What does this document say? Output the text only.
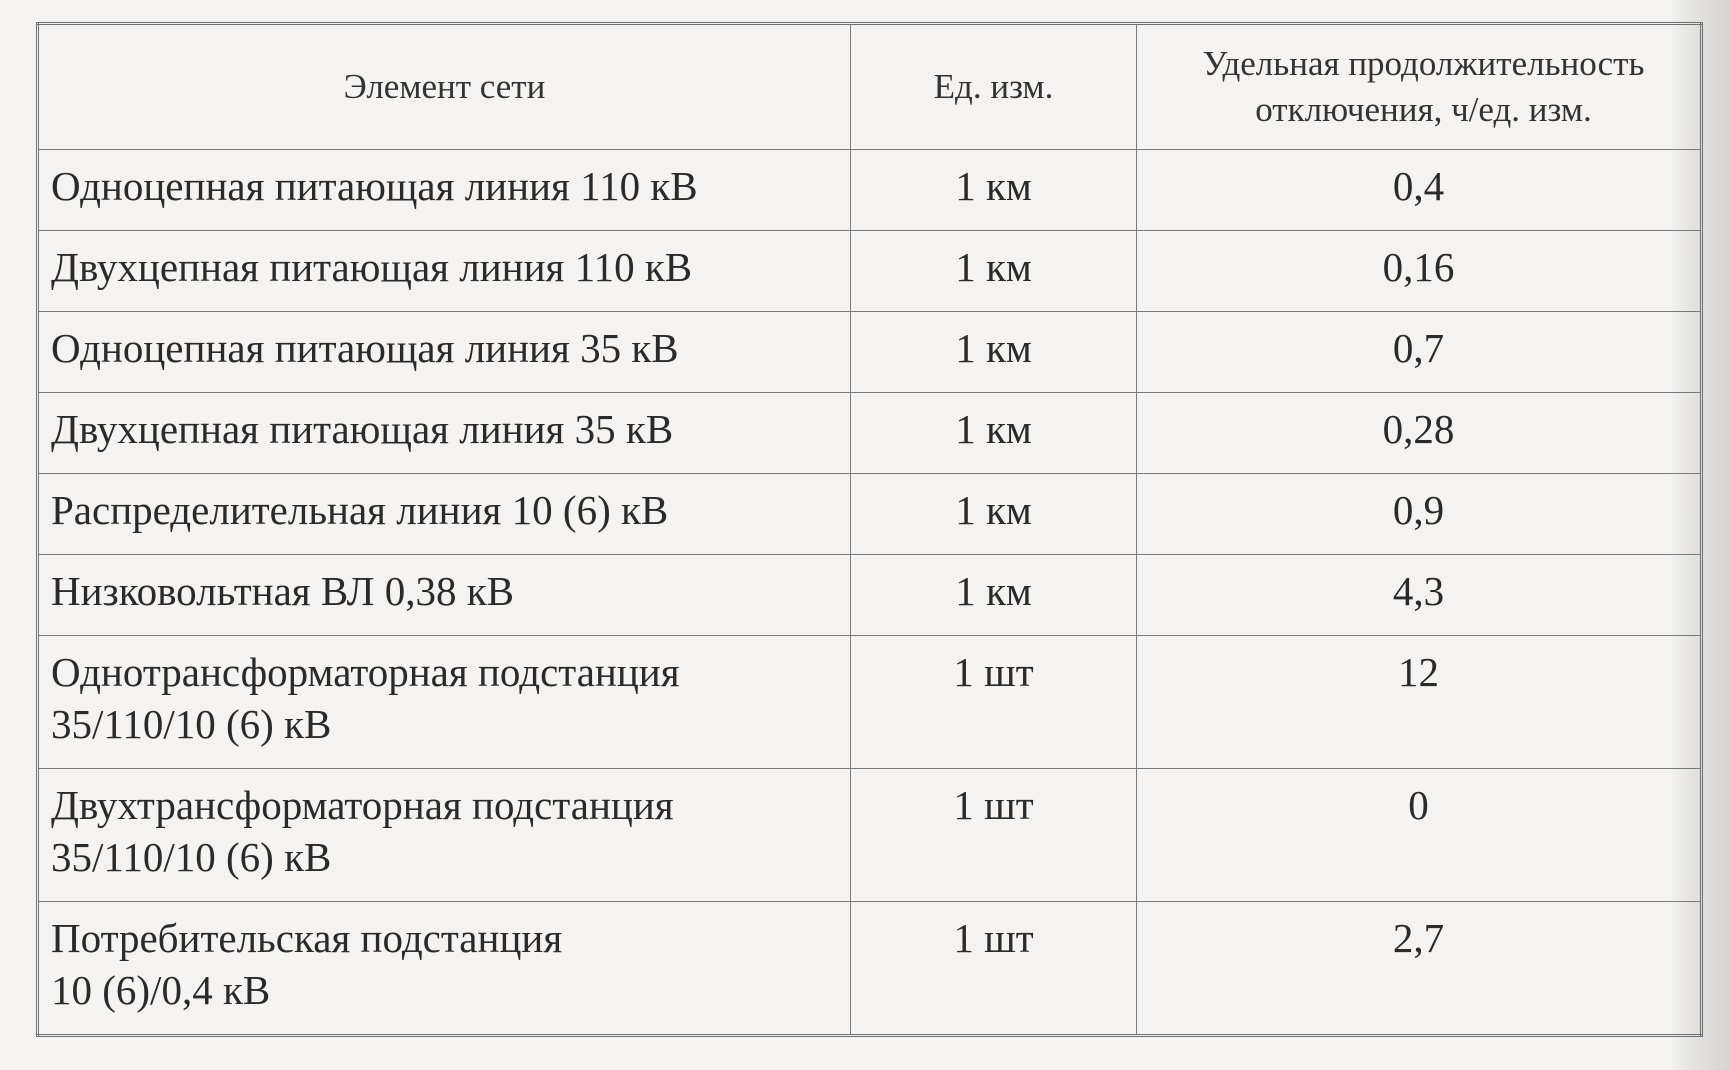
Элемент сети	Ед. изм.	Удельная продолжительность
отключения, ч/ед. изм.
Одноцепная питающая линия 110 кВ	1 км	0,4
Двухцепная питающая линия 110 кВ	1 км	0,16
Одноцепная питающая линия 35 кВ	1 км	0,7
Двухцепная питающая линия 35 кВ	1 км	0,28
Распределительная линия 10 (6) кВ	1 км	0,9
Низковольтная ВЛ 0,38 кВ	1 км	4,3
Однотрансформаторная подстанция
35/110/10 (6) кВ	1 шт	12
Двухтрансформаторная подстанция
35/110/10 (6) кВ	1 шт	0
Потребительская подстанция
10 (6)/0,4 кВ	1 шт	2,7
